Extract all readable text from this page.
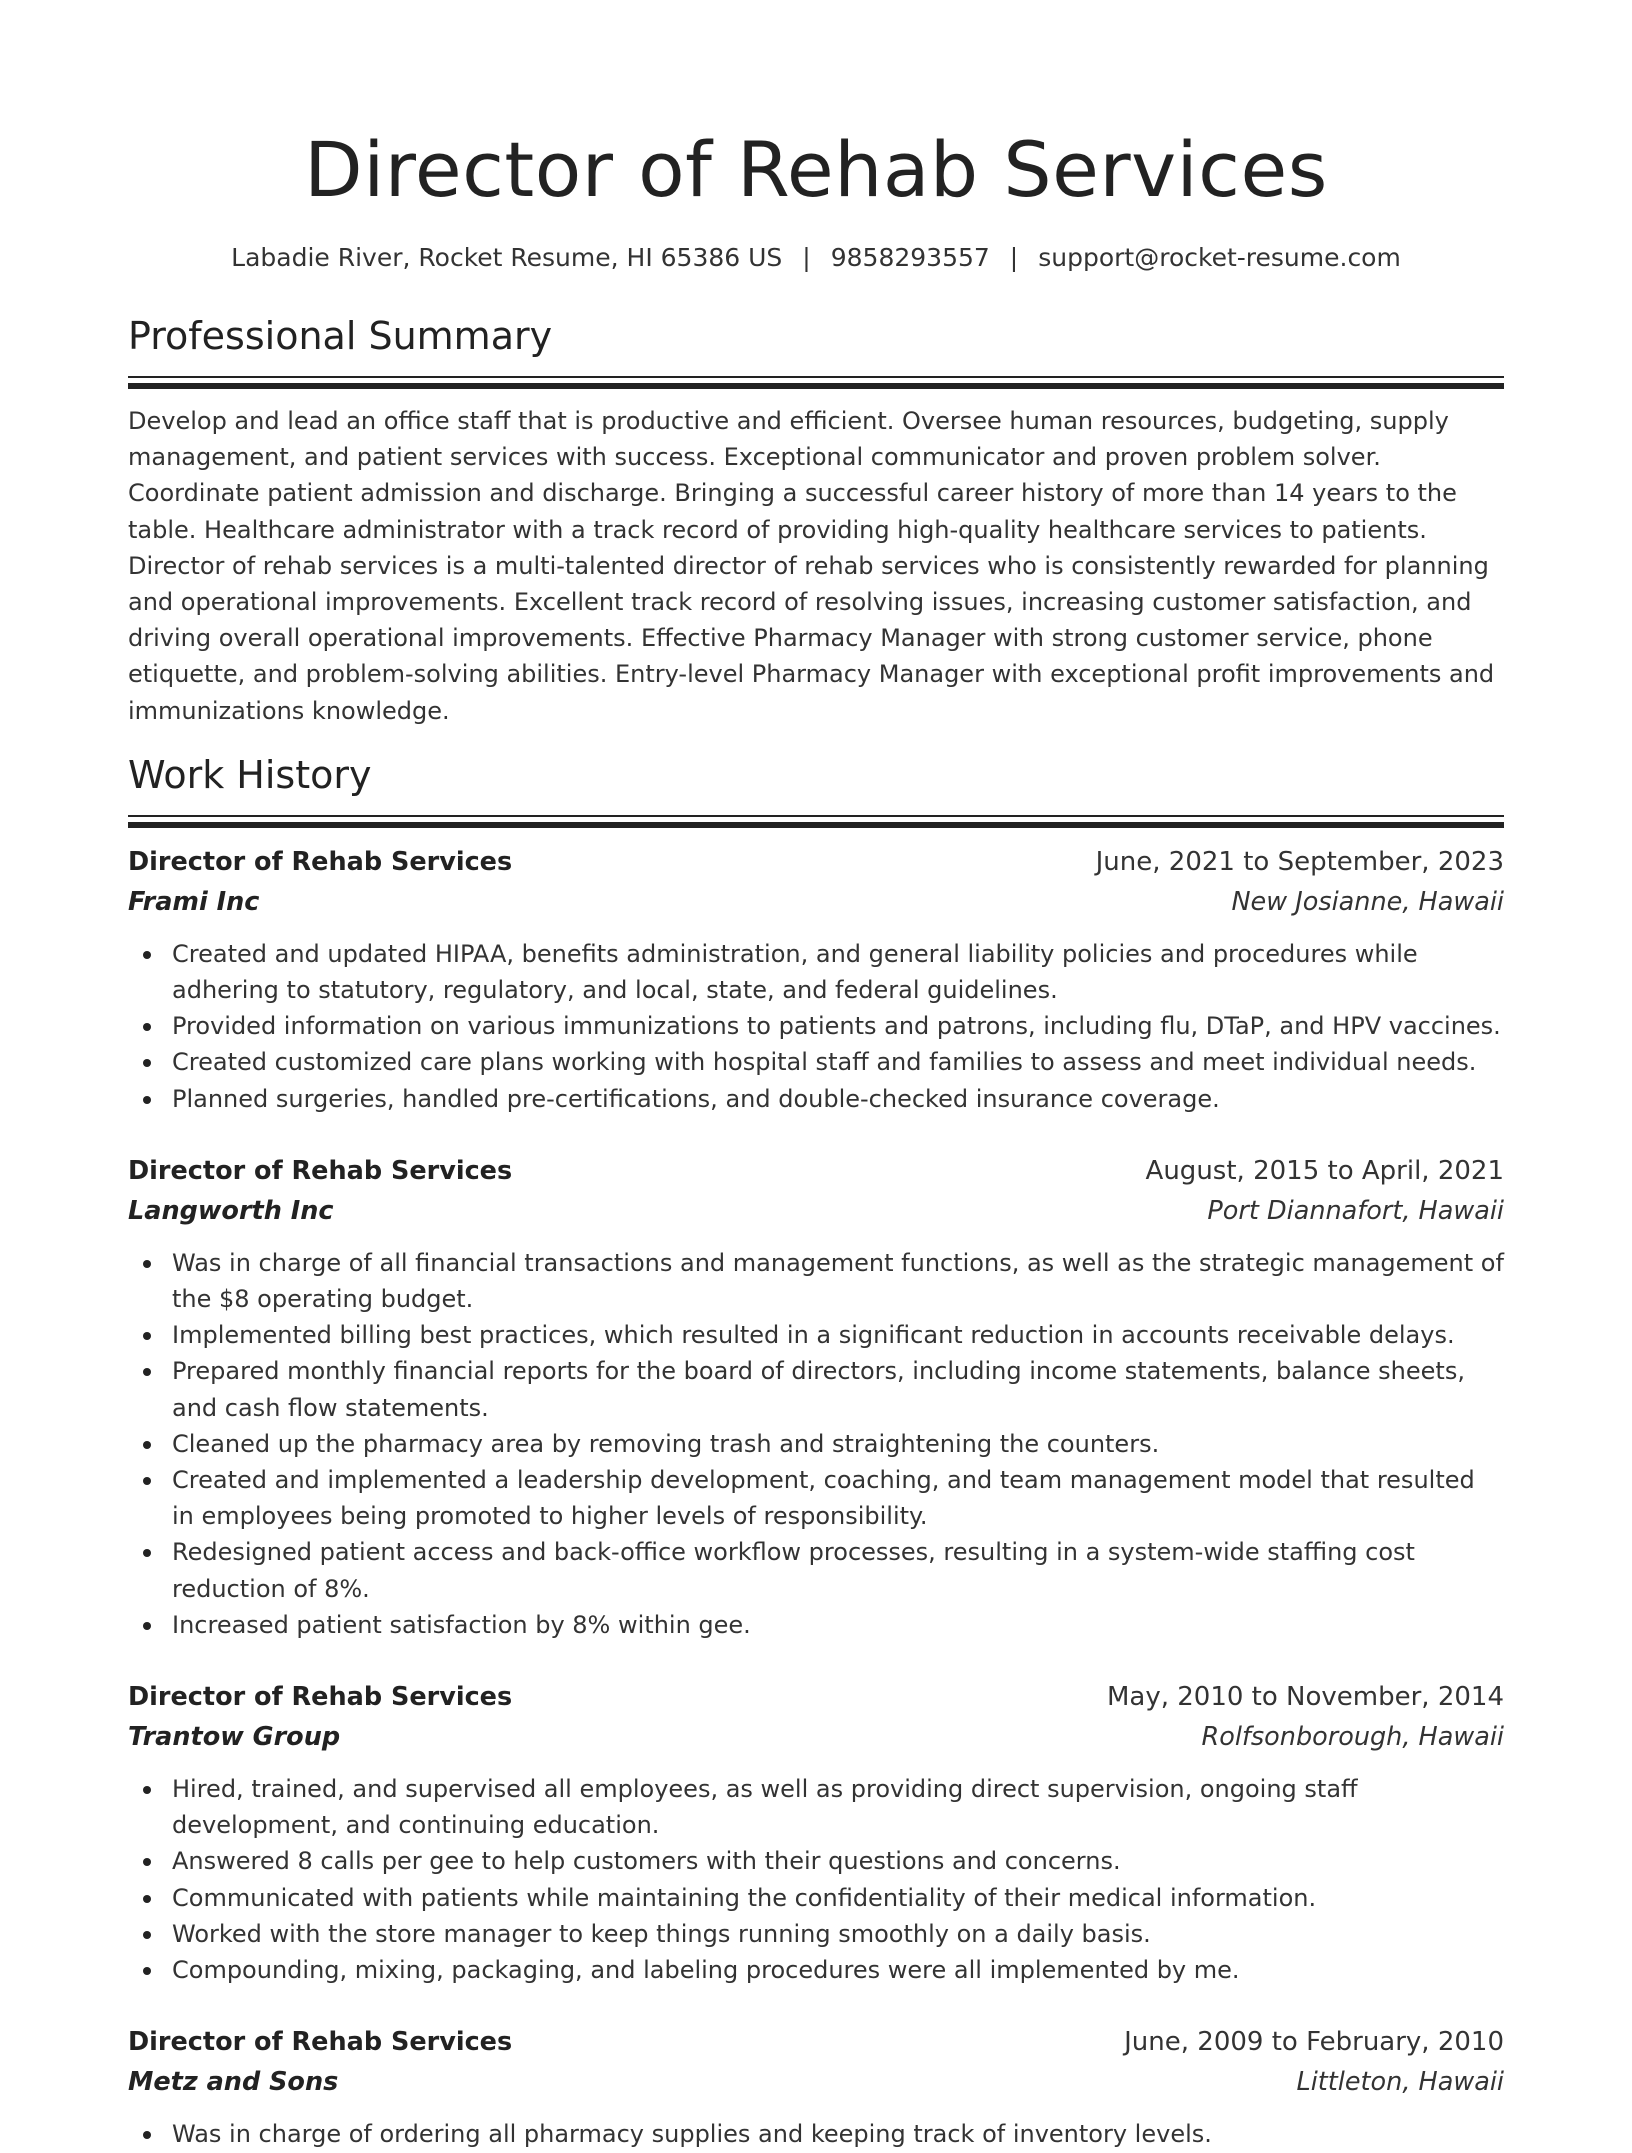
Director of Rehab Services
Labadie River, Rocket Resume, HI 65386 US | 9858293557 | support@rocket-resume.com
Professional Summary

Develop and lead an office staff that is productive and efficient. Oversee human resources, budgeting, supply management, and patient services with success. Exceptional communicator and proven problem solver. Coordinate patient admission and discharge. Bringing a successful career history of more than 14 years to the table. Healthcare administrator with a track record of providing high-quality healthcare services to patients. Director of rehab services is a multi-talented director of rehab services who is consistently rewarded for planning and operational improvements. Excellent track record of resolving issues, increasing customer satisfaction, and driving overall operational improvements. Effective Pharmacy Manager with strong customer service, phone etiquette, and problem-solving abilities. Entry-level Pharmacy Manager with exceptional profit improvements and immunizations knowledge.

Work History
Director of Rehab Services	June, 2021 to September, 2023
Frami Inc	New Josianne, Hawaii
Created and updated HIPAA, benefits administration, and general liability policies and procedures while adhering to statutory, regulatory, and local, state, and federal guidelines.
Provided information on various immunizations to patients and patrons, including flu, DTaP, and HPV vaccines.
Created customized care plans working with hospital staff and families to assess and meet individual needs.
Planned surgeries, handled pre-certifications, and double-checked insurance coverage.
Director of Rehab Services	August, 2015 to April, 2021
Langworth Inc	Port Diannafort, Hawaii
Was in charge of all financial transactions and management functions, as well as the strategic management of the $8 operating budget.
Implemented billing best practices, which resulted in a significant reduction in accounts receivable delays.
Prepared monthly financial reports for the board of directors, including income statements, balance sheets, and cash flow statements.
Cleaned up the pharmacy area by removing trash and straightening the counters.
Created and implemented a leadership development, coaching, and team management model that resulted in employees being promoted to higher levels of responsibility.
Redesigned patient access and back-office workflow processes, resulting in a system-wide staffing cost reduction of 8%.
Increased patient satisfaction by 8% within gee.
Director of Rehab Services	May, 2010 to November, 2014
Trantow Group	Rolfsonborough, Hawaii
Hired, trained, and supervised all employees, as well as providing direct supervision, ongoing staff development, and continuing education.
Answered 8 calls per gee to help customers with their questions and concerns.
Communicated with patients while maintaining the confidentiality of their medical information.
Worked with the store manager to keep things running smoothly on a daily basis.
Compounding, mixing, packaging, and labeling procedures were all implemented by me.
Director of Rehab Services	June, 2009 to February, 2010
Metz and Sons	Littleton, Hawaii
Was in charge of ordering all pharmacy supplies and keeping track of inventory levels.
